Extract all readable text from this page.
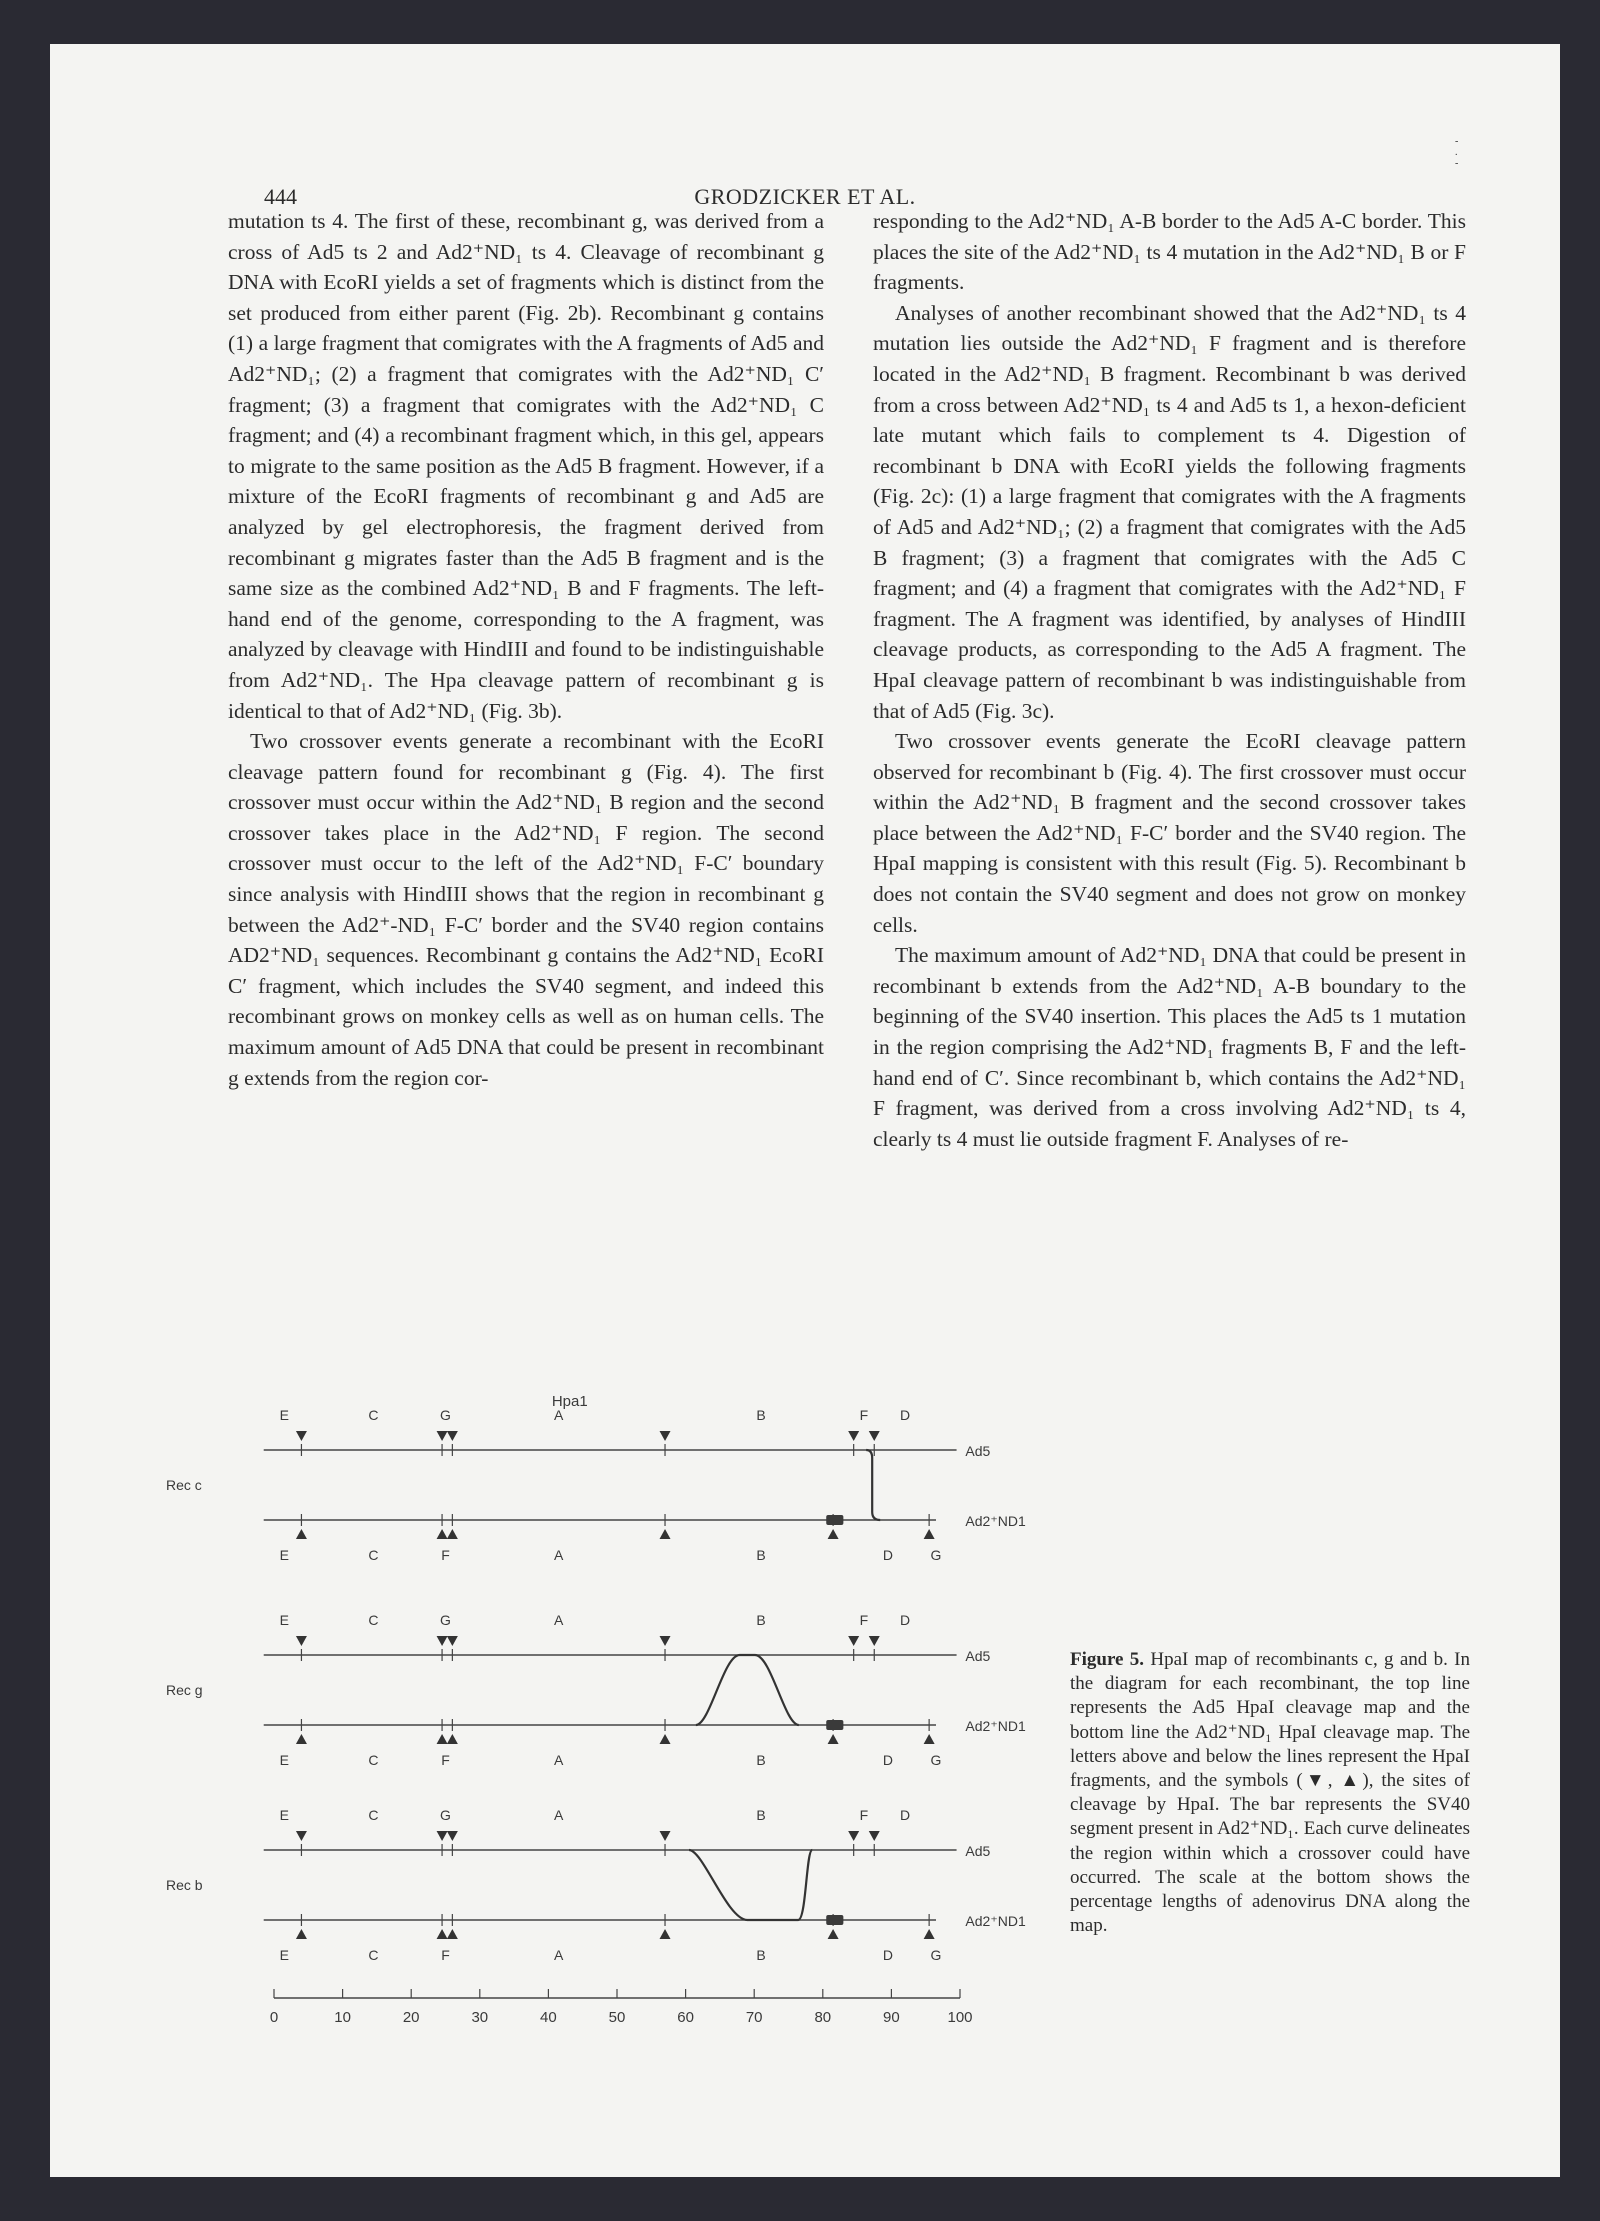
- . -
444	GRODZICKER ET AL.

mutation ts 4. The first of these, recombinant g, was derived from a cross of Ad5 ts 2 and Ad2⁺ND₁ ts 4. Cleavage of recombinant g DNA with EcoRI yields a set of fragments which is distinct from the set produced from either parent (Fig. 2b). Recombinant g contains (1) a large fragment that comigrates with the A fragments of Ad5 and Ad2⁺ND₁; (2) a fragment that comigrates with the Ad2⁺ND₁ C′ fragment; (3) a fragment that comigrates with the Ad2⁺ND₁ C fragment; and (4) a recombinant fragment which, in this gel, appears to migrate to the same position as the Ad5 B fragment. However, if a mixture of the EcoRI fragments of recombinant g and Ad5 are analyzed by gel electrophoresis, the fragment derived from recombinant g migrates faster than the Ad5 B fragment and is the same size as the combined Ad2⁺ND₁ B and F fragments. The left-hand end of the genome, corresponding to the A fragment, was analyzed by cleavage with HindIII and found to be indistinguishable from Ad2⁺ND₁. The Hpa cleavage pattern of recombinant g is identical to that of Ad2⁺ND₁ (Fig. 3b).

Two crossover events generate a recombinant with the EcoRI cleavage pattern found for recombinant g (Fig. 4). The first crossover must occur within the Ad2⁺ND₁ B region and the second crossover takes place in the Ad2⁺ND₁ F region. The second crossover must occur to the left of the Ad2⁺ND₁ F-C′ boundary since analysis with HindIII shows that the region in recombinant g between the Ad2⁺-ND₁ F-C′ border and the SV40 region contains AD2⁺ND₁ sequences. Recombinant g contains the Ad2⁺ND₁ EcoRI C′ fragment, which includes the SV40 segment, and indeed this recombinant grows on monkey cells as well as on human cells. The maximum amount of Ad5 DNA that could be present in recombinant g extends from the region cor-

responding to the Ad2⁺ND₁ A-B border to the Ad5 A-C border. This places the site of the Ad2⁺ND₁ ts 4 mutation in the Ad2⁺ND₁ B or F fragments.

Analyses of another recombinant showed that the Ad2⁺ND₁ ts 4 mutation lies outside the Ad2⁺ND₁ F fragment and is therefore located in the Ad2⁺ND₁ B fragment. Recombinant b was derived from a cross between Ad2⁺ND₁ ts 4 and Ad5 ts 1, a hexon-deficient late mutant which fails to complement ts 4. Digestion of recombinant b DNA with EcoRI yields the following fragments (Fig. 2c): (1) a large fragment that comigrates with the A fragments of Ad5 and Ad2⁺ND₁; (2) a fragment that comigrates with the Ad5 B fragment; (3) a fragment that comigrates with the Ad5 C fragment; and (4) a fragment that comigrates with the Ad2⁺ND₁ F fragment. The A fragment was identified, by analyses of HindIII cleavage products, as corresponding to the Ad5 A fragment. The HpaI cleavage pattern of recombinant b was indistinguishable from that of Ad5 (Fig. 3c).

Two crossover events generate the EcoRI cleavage pattern observed for recombinant b (Fig. 4). The first crossover must occur within the Ad2⁺ND₁ B fragment and the second crossover takes place between the Ad2⁺ND₁ F-C′ border and the SV40 region. The HpaI mapping is consistent with this result (Fig. 5). Recombinant b does not contain the SV40 segment and does not grow on monkey cells.

The maximum amount of Ad2⁺ND₁ DNA that could be present in recombinant b extends from the Ad2⁺ND₁ A-B boundary to the beginning of the SV40 insertion. This places the Ad5 ts 1 mutation in the region comprising the Ad2⁺ND₁ fragments B, F and the left-hand end of C′. Since recombinant b, which contains the Ad2⁺ND₁ F fragment, was derived from a cross involving Ad2⁺ND₁ ts 4, clearly ts 4 must lie outside fragment F. Analyses of re-

Hpa1
E	C	G	A	B	F D
E	C	F	A	B	D	G
Ad5
Ad2⁺ND1
Rec c
E	C	G	A	B	F D
E	C	F	A	B	D	G
Ad5
Ad2⁺ND1
Rec g
E	C	G	A	B	F D
E	C	F	A	B	D	G
Ad5
Ad2⁺ND1
Rec b
0	10	20	30	40	50	60	70	80	90	100
Figure 5. HpaI map of recombinants c, g and b. In the diagram for each recombinant, the top line represents the Ad5 HpaI cleavage map and the bottom line the Ad2⁺ND₁ HpaI cleavage map. The letters above and below the lines represent the HpaI fragments, and the symbols (▼, ▲), the sites of cleavage by HpaI. The bar represents the SV40 segment present in Ad2⁺ND₁. Each curve delineates the region within which a crossover could have occurred. The scale at the bottom shows the percentage lengths of adenovirus DNA along the map.
